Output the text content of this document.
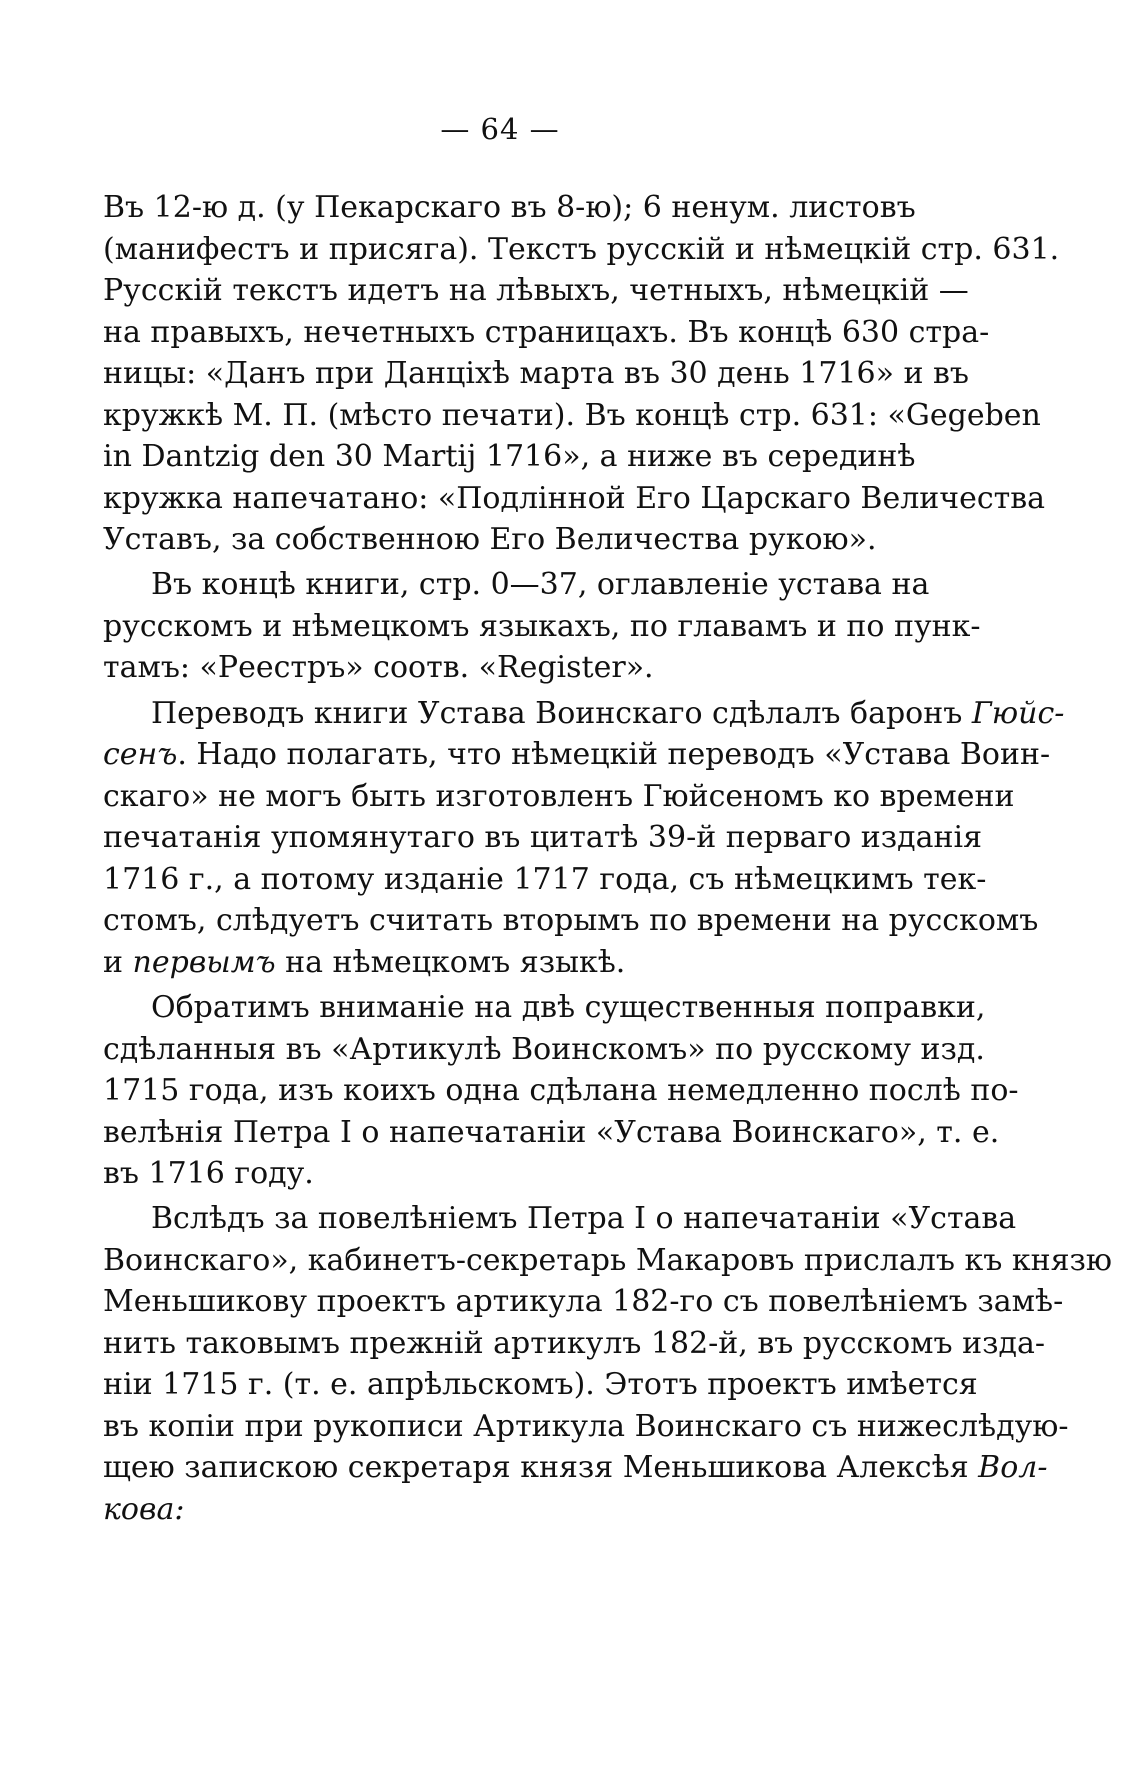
— 64 —
Въ 12-ю д. (у Пекарскаго въ 8-ю); 6 ненум. листовъ
(манифестъ и присяга). Текстъ русскій и нѣмецкій стр. 631.
Русскій текстъ идетъ на лѣвыхъ, четныхъ, нѣмецкій —
на правыхъ, нечетныхъ страницахъ. Въ концѣ 630 стра-
ницы: «Данъ при Данціхѣ марта въ 30 день 1716» и въ
кружкѣ М. П. (мѣсто печати). Въ концѣ стр. 631: «Gegeben
in Dantzig den 30 Martij 1716», а ниже въ серединѣ
кружка напечатано: «Подлінной Его Царскаго Величества
Уставъ, за собственною Его Величества рукою».
Въ концѣ книги, стр. 0—37, оглавленіе устава на
русскомъ и нѣмецкомъ языкахъ, по главамъ и по пунк-
тамъ: «Реестръ» соотв. «Register».
Переводъ книги Устава Воинскаго сдѣлалъ баронъ Гюйс-
сенъ. Надо полагать, что нѣмецкій переводъ «Устава Воин-
скаго» не могъ быть изготовленъ Гюйсеномъ ко времени
печатанія упомянутаго въ цитатѣ 39-й перваго изданія
1716 г., а потому изданіе 1717 года, съ нѣмецкимъ тек-
стомъ, слѣдуетъ считать вторымъ по времени на русскомъ
и первымъ на нѣмецкомъ языкѣ.
Обратимъ вниманіе на двѣ существенныя поправки,
сдѣланныя въ «Артикулѣ Воинскомъ» по русскому изд.
1715 года, изъ коихъ одна сдѣлана немедленно послѣ по-
велѣнія Петра I о напечатаніи «Устава Воинскаго», т. е.
въ 1716 году.
Вслѣдъ за повелѣніемъ Петра I о напечатаніи «Устава
Воинскаго», кабинетъ-секретарь Макаровъ прислалъ къ князю
Меньшикову проектъ артикула 182-го съ повелѣніемъ замѣ-
нить таковымъ прежній артикулъ 182-й, въ русскомъ изда-
ніи 1715 г. (т. е. апрѣльскомъ). Этотъ проектъ имѣется
въ копіи при рукописи Артикула Воинскаго съ нижеслѣдую-
щею запискою секретаря князя Меньшикова Алексѣя Вол-
кова:
